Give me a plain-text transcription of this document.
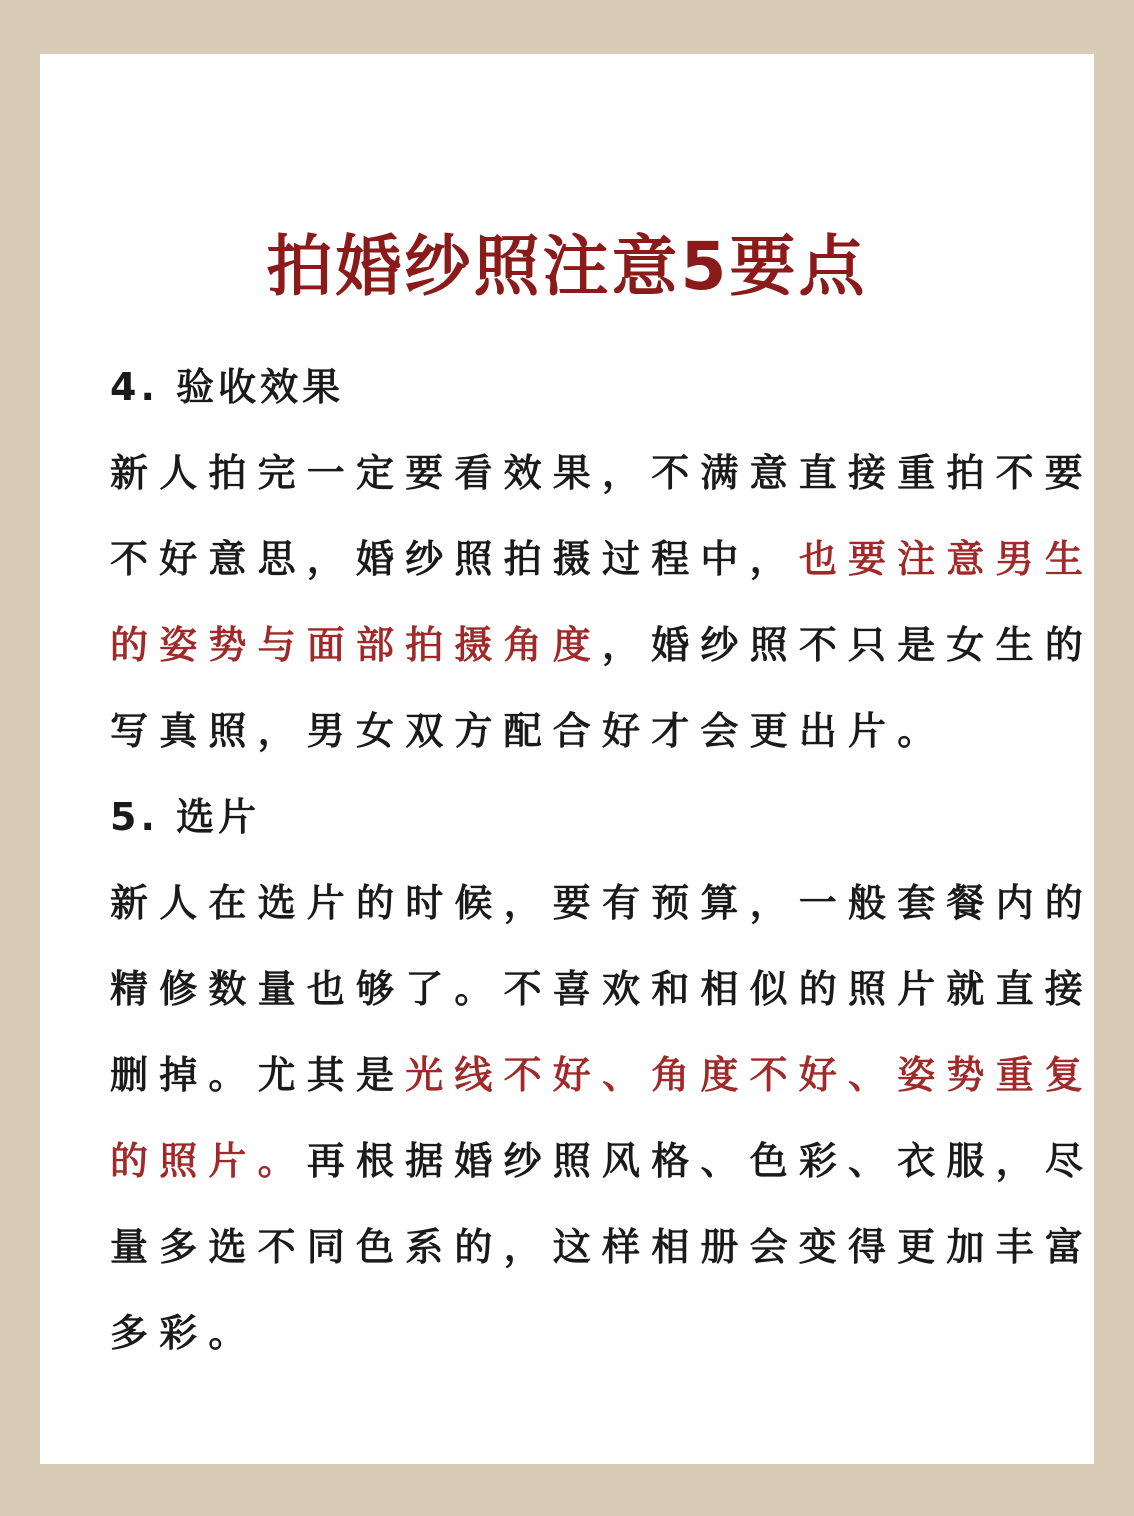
拍婚纱照注意5要点

4. 验收效果

新人拍完一定要看效果，不满意直接重拍不要不好意思，婚纱照拍摄过程中，也要注意男生的姿势与面部拍摄角度，婚纱照不只是女生的写真照，男女双方配合好才会更出片。

5. 选片

新人在选片的时候，要有预算，一般套餐内的精修数量也够了。不喜欢和相似的照片就直接删掉。尤其是光线不好、角度不好、姿势重复的照片。再根据婚纱照风格、色彩、衣服，尽量多选不同色系的，这样相册会变得更加丰富多彩。
